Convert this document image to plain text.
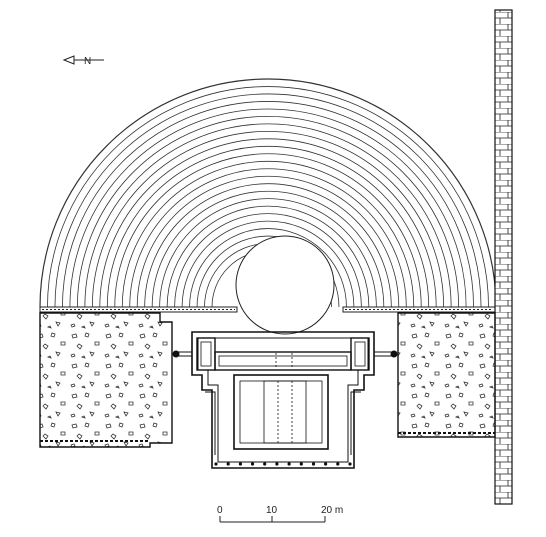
N
0	10	20 m
